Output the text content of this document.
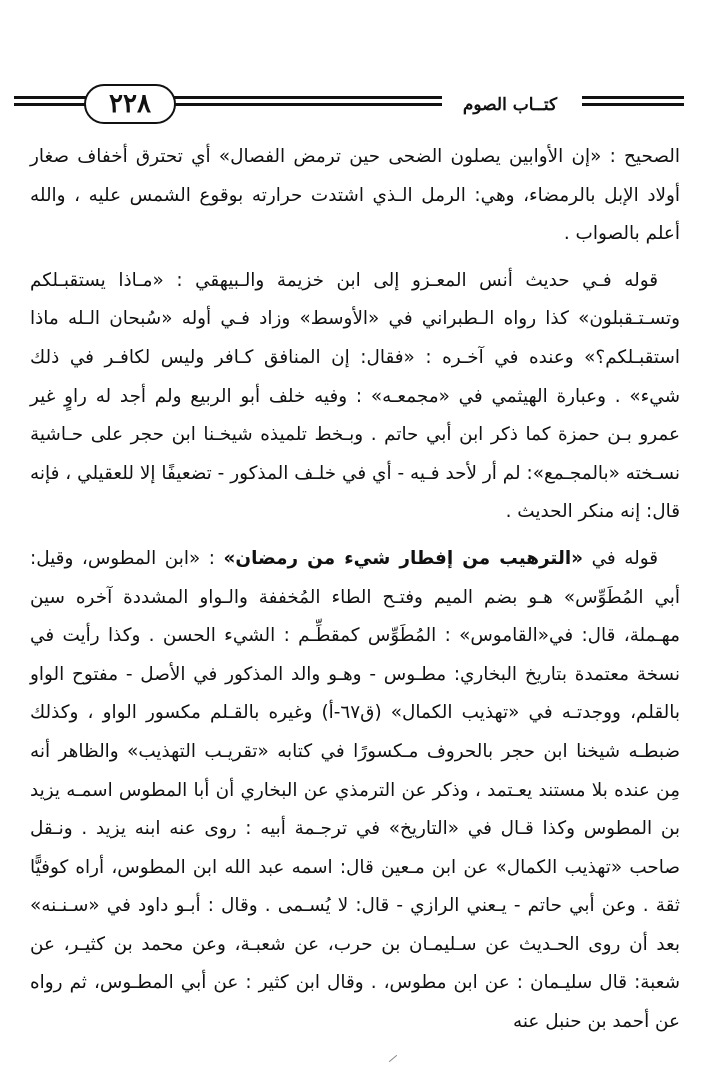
٢٢٨	كتــاب الصوم

الصحيح : «إن الأوابين يصلون الضحى حين ترمض الفصال» أي تحترق أخفاف صغار أولاد الإبل بالرمضاء، وهي: الرمل الـذي اشتدت حرارته بوقوع الشمس عليه ، والله أعلم بالصواب .

قوله فـي حديث أنس المعـزو إلى ابن خزيمة والـبيهقي : «مـاذا يستقبـلكم وتسـتـقبلون» كذا رواه الـطبراني في «الأوسط» وزاد فـي أوله «سُبحان الـله ماذا استقبـلكم؟» وعنده في آخـره : «فقال: إن المنافق كـافر وليس لكافـر في ذلك شيء» . وعبارة الهيثمي في «مجمعـه» : وفيه خلف أبو الربيع ولم أجد له راوٍ غير عمرو بـن حمزة كما ذكر ابن أبي حاتم . وبـخط تلميذه شيخـنا ابن حجر على حـاشية نسـخته «بالمجـمع»: لم أر لأحد فـيه - أي في خلـف المذكور - تضعيفًا إلا للعقيلي ، فإنه قال: إنه منكر الحديث .

قوله في «الترهيب من إفطار شيء من رمضان» : «ابن المطوس، وقيل: أبي المُطَوِّس» هـو بضم الميم وفتـح الطاء المُخففة والـواو المشددة آخره سين مهـملة، قال: في«القاموس» : المُطَوِّس كمقطِّـم : الشيء الحسن . وكذا رأيت في نسخة معتمدة بتاريخ البخاري: مطـوس - وهـو والد المذكور في الأصل - مفتوح الواو بالقلم، ووجدتـه في «تهذيب الكمال» (ق٦٧-أ) وغيره بالقـلم مكسور الواو ، وكذلك ضبطـه شيخنا ابن حجر بالحروف مـكسورًا في كتابه «تقريـب التهذيب» والظاهر أنه مِن عنده بلا مستند يعـتمد ، وذكر عن الترمذي عن البخاري أن أبا المطوس اسمـه يزيد بن المطوس وكذا قـال في «التاريخ» في ترجـمة أبيه : روى عنه ابنه يزيد . ونـقل صاحب «تهذيب الكمال» عن ابن مـعين قال: اسمه عبد الله ابن المطوس، أراه كوفيًّا ثقة . وعن أبي حاتم - يـعني الرازي - قال: لا يُسـمى . وقال : أبـو داود في «سـنـنه» بعد أن روى الحـديث عن سـليمـان بن حرب، عن شعبـة، وعن محمد بن كثيـر، عن شعبة: قال سليـمان : عن ابن مطوس، . وقال ابن كثير : عن أبي المطـوس، ثم رواه عن أحمد بن حنبل عنه
